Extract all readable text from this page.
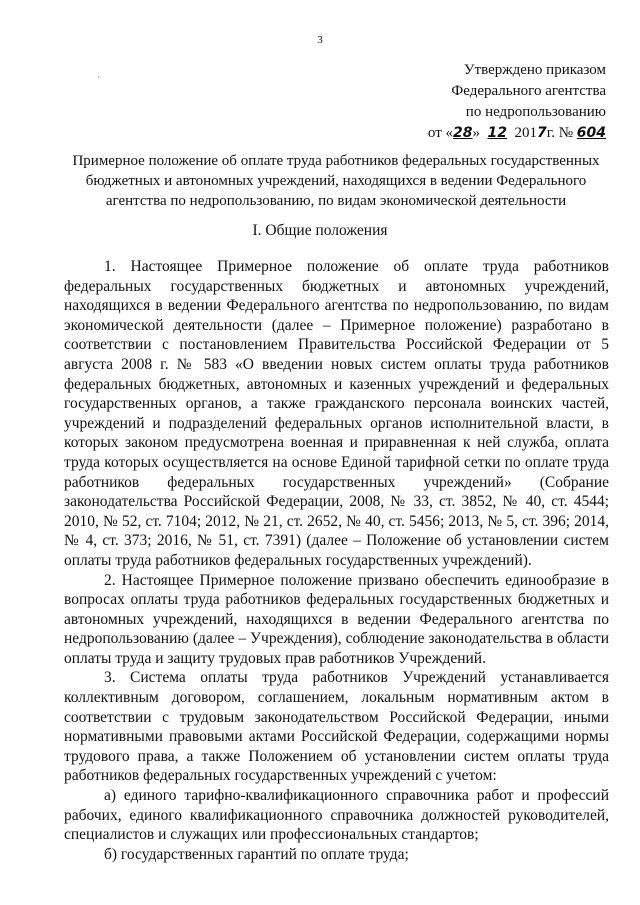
3
·	Утверждено приказом
Федерального агентства
по недропользованию
от «28» 12 2017г. № 604
Примерное положение об оплате труда работников федеральных государственных бюджетных и автономных учреждений, находящихся в ведении Федерального агентства по недропользованию, по видам экономической деятельности
I. Общие положения

1. Настоящее Примерное положение об оплате труда работников федеральных государственных бюджетных и автономных учреждений, находящихся в ведении Федерального агентства по недропользованию, по видам экономической деятельности (далее – Примерное положение) разработано в соответствии с постановлением Правительства Российской Федерации от 5 августа 2008 г. № 583 «О введении новых систем оплаты труда работников федеральных бюджетных, автономных и казенных учреждений и федеральных государственных органов, а также гражданского персонала воинских частей, учреждений и подразделений федеральных органов исполнительной власти, в которых законом предусмотрена военная и приравненная к ней служба, оплата труда которых осуществляется на основе Единой тарифной сетки по оплате труда работников федеральных государственных учреждений» (Собрание законодательства Российской Федерации, 2008, № 33, ст. 3852, № 40, ст. 4544; 2010, № 52, ст. 7104; 2012, № 21, ст. 2652, № 40, ст. 5456; 2013, № 5, ст. 396; 2014, № 4, ст. 373; 2016, № 51, ст. 7391) (далее – Положение об установлении систем оплаты труда работников федеральных государственных учреждений).

2. Настоящее Примерное положение призвано обеспечить единообразие в вопросах оплаты труда работников федеральных государственных бюджетных и автономных учреждений, находящихся в ведении Федерального агентства по недропользованию (далее – Учреждения), соблюдение законодательства в области оплаты труда и защиту трудовых прав работников Учреждений.

3. Система оплаты труда работников Учреждений устанавливается коллективным договором, соглашением, локальным нормативным актом в соответствии с трудовым законодательством Российской Федерации, иными нормативными правовыми актами Российской Федерации, содержащими нормы трудового права, а также Положением об установлении систем оплаты труда работников федеральных государственных учреждений с учетом:

а) единого тарифно-квалификационного справочника работ и профессий рабочих, единого квалификационного справочника должностей руководителей, специалистов и служащих или профессиональных стандартов;

б) государственных гарантий по оплате труда;
